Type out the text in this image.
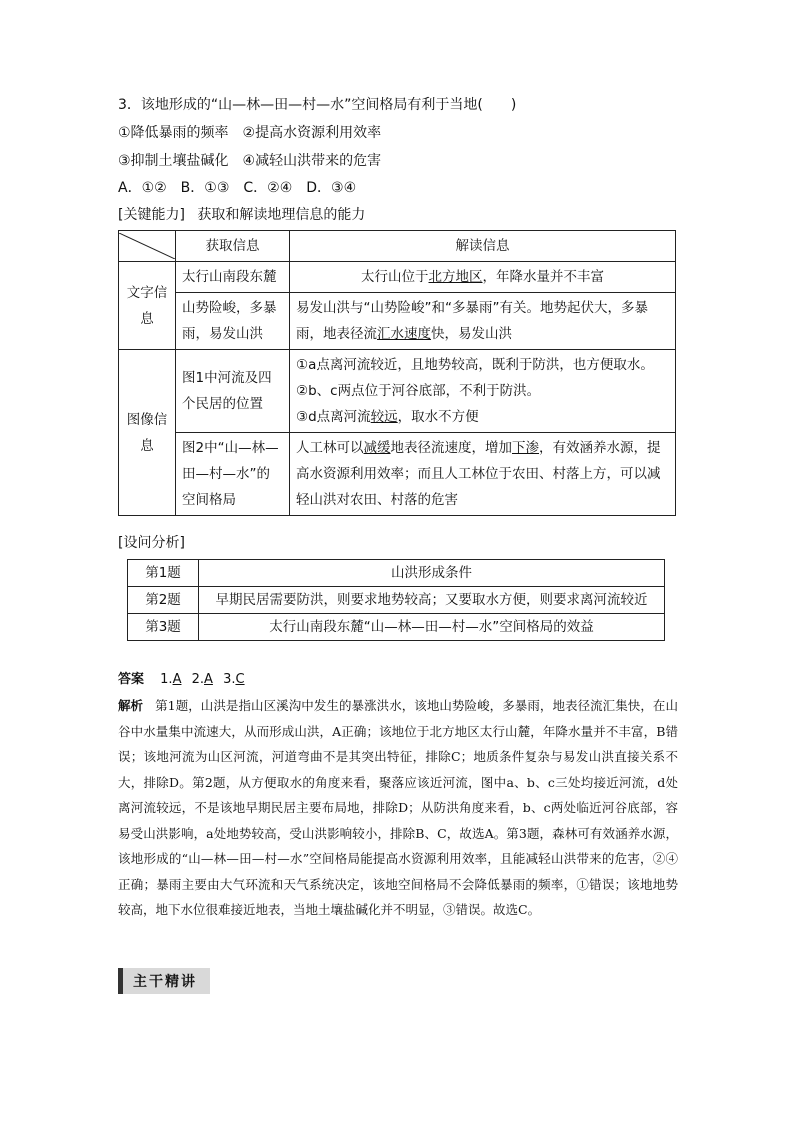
3．该地形成的“山—林—田—村—水”空间格局有利于当地(　　)
①降低暴雨的频率　②提高水资源利用效率
③抑制土壤盐碱化　④减轻山洪带来的危害
A．①②　B．①③　C．②④　D．③④
[关键能力] 获取和解读地理信息的能力
	获取信息	解读信息
文字信息	太行山南段东麓	太行山位于北方地区，年降水量并不丰富
	山势险峻，多暴雨，易发山洪	易发山洪与“山势险峻”和“多暴雨”有关。地势起伏大，多暴雨，地表径流汇水速度快，易发山洪
图像信息	图1中河流及四个民居的位置	①a点离河流较近，且地势较高，既利于防洪，也方便取水。
②b、c两点位于河谷底部，不利于防洪。
③d点离河流较远，取水不方便

	图2中“山—林—田—村—水”的空间格局	人工林可以减缓地表径流速度，增加下渗，有效涵养水源，提高水资源利用效率；而且人工林位于农田、村落上方，可以减轻山洪对农田、村落的危害
[设问分析]
第1题	山洪形成条件
第2题	早期民居需要防洪，则要求地势较高；又要取水方便，则要求离河流较近
第3题	太行山南段东麓“山—林—田—村—水”空间格局的效益
答案 1.A 2.A 3.C
解析 第1题，山洪是指山区溪沟中发生的暴涨洪水，该地山势险峻，多暴雨，地表径流汇集快，在山谷中水量集中流速大，从而形成山洪，A正确；该地位于北方地区太行山麓，年降水量并不丰富，B错误；该地河流为山区河流，河道弯曲不是其突出特征，排除C；地质条件复杂与易发山洪直接关系不大，排除D。第2题，从方便取水的角度来看，聚落应该近河流，图中a、b、c三处均接近河流，d处离河流较远，不是该地早期民居主要布局地，排除D；从防洪角度来看，b、c两处临近河谷底部，容易受山洪影响，a处地势较高，受山洪影响较小，排除B、C，故选A。第3题，森林可有效涵养水源，该地形成的“山—林—田—村—水”空间格局能提高水资源利用效率，且能减轻山洪带来的危害，②④正确；暴雨主要由大气环流和天气系统决定，该地空间格局不会降低暴雨的频率，①错误；该地地势较高，地下水位很难接近地表，当地土壤盐碱化并不明显，③错误。故选C。
主干精讲
